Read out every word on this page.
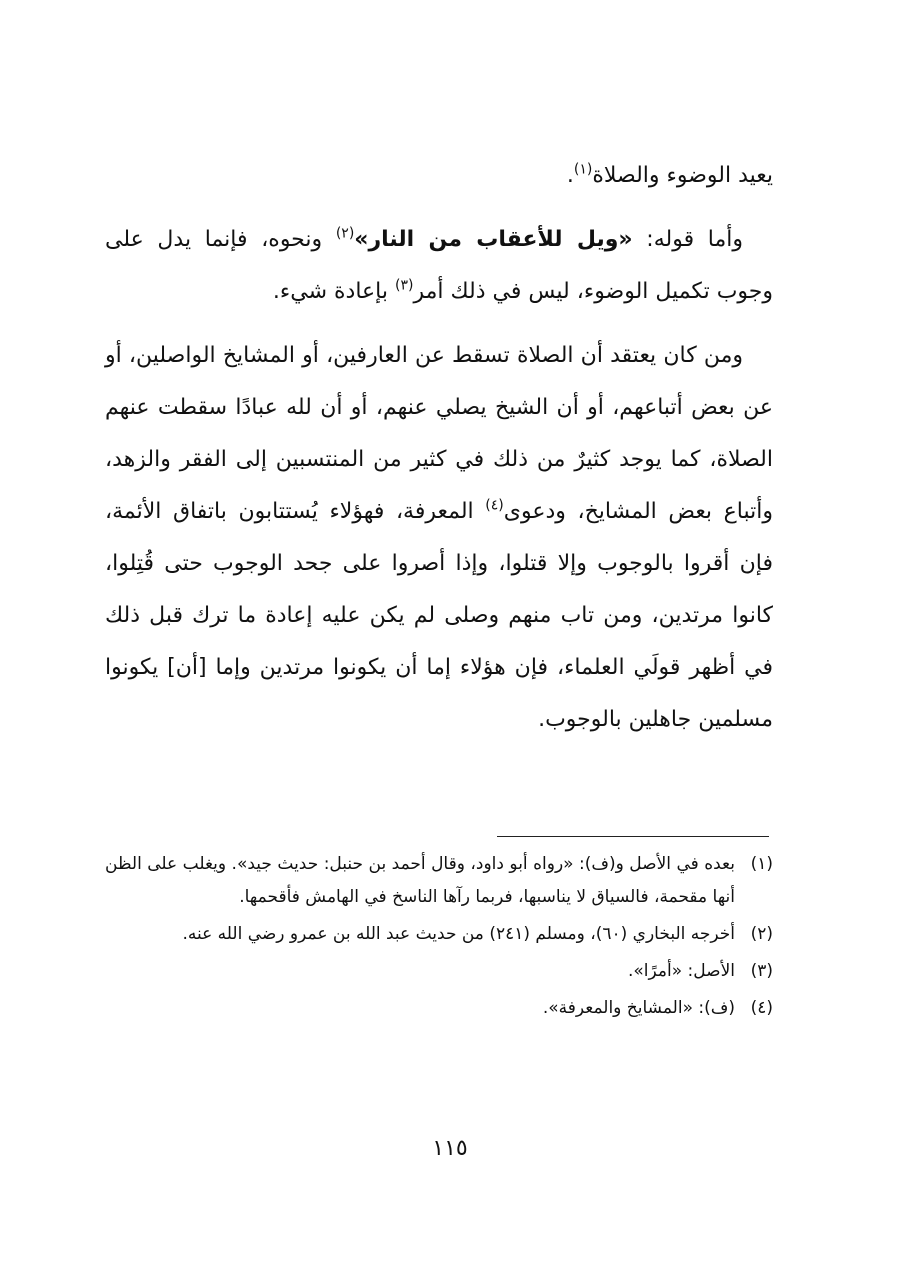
يعيد الوضوء والصلاة$^{(١)}$.

وأما قوله: «ويل للأعقاب من النار»$^{(٢)}$ ونحوه، فإنما يدل على وجوب تكميل الوضوء، ليس في ذلك أمر$^{(٣)}$ بإعادة شيء.

ومن كان يعتقد أن الصلاة تسقط عن العارفين، أو المشايخ الواصلين، أو عن بعض أتباعهم، أو أن الشيخ يصلي عنهم، أو أن لله عبادًا سقطت عنهم الصلاة، كما يوجد كثيرٌ من ذلك في كثير من المنتسبين إلى الفقر والزهد، وأتباع بعض المشايخ، ودعوى$^{(٤)}$ المعرفة، فهؤلاء يُستتابون باتفاق الأئمة، فإن أقروا بالوجوب وإلا قتلوا، وإذا أصروا على جحد الوجوب حتى قُتِلوا، كانوا مرتدين، ومن تاب منهم وصلى لم يكن عليه إعادة ما ترك قبل ذلك في أظهر قولَي العلماء، فإن هؤلاء إما أن يكونوا مرتدين وإما [أن] يكونوا مسلمين جاهلين بالوجوب.

(١)
بعده في الأصل و(ف): «رواه أبو داود، وقال أحمد بن حنبل: حديث جيد». ويغلب على الظن أنها مقحمة، فالسياق لا يناسبها، فربما رآها الناسخ في الهامش فأقحمها.
(٢)
أخرجه البخاري (٦٠)، ومسلم (٢٤١) من حديث عبد الله بن عمرو رضي الله عنه.
(٣)
الأصل: «أمرًا».
(٤)
(ف): «المشايخ والمعرفة».
١١٥
